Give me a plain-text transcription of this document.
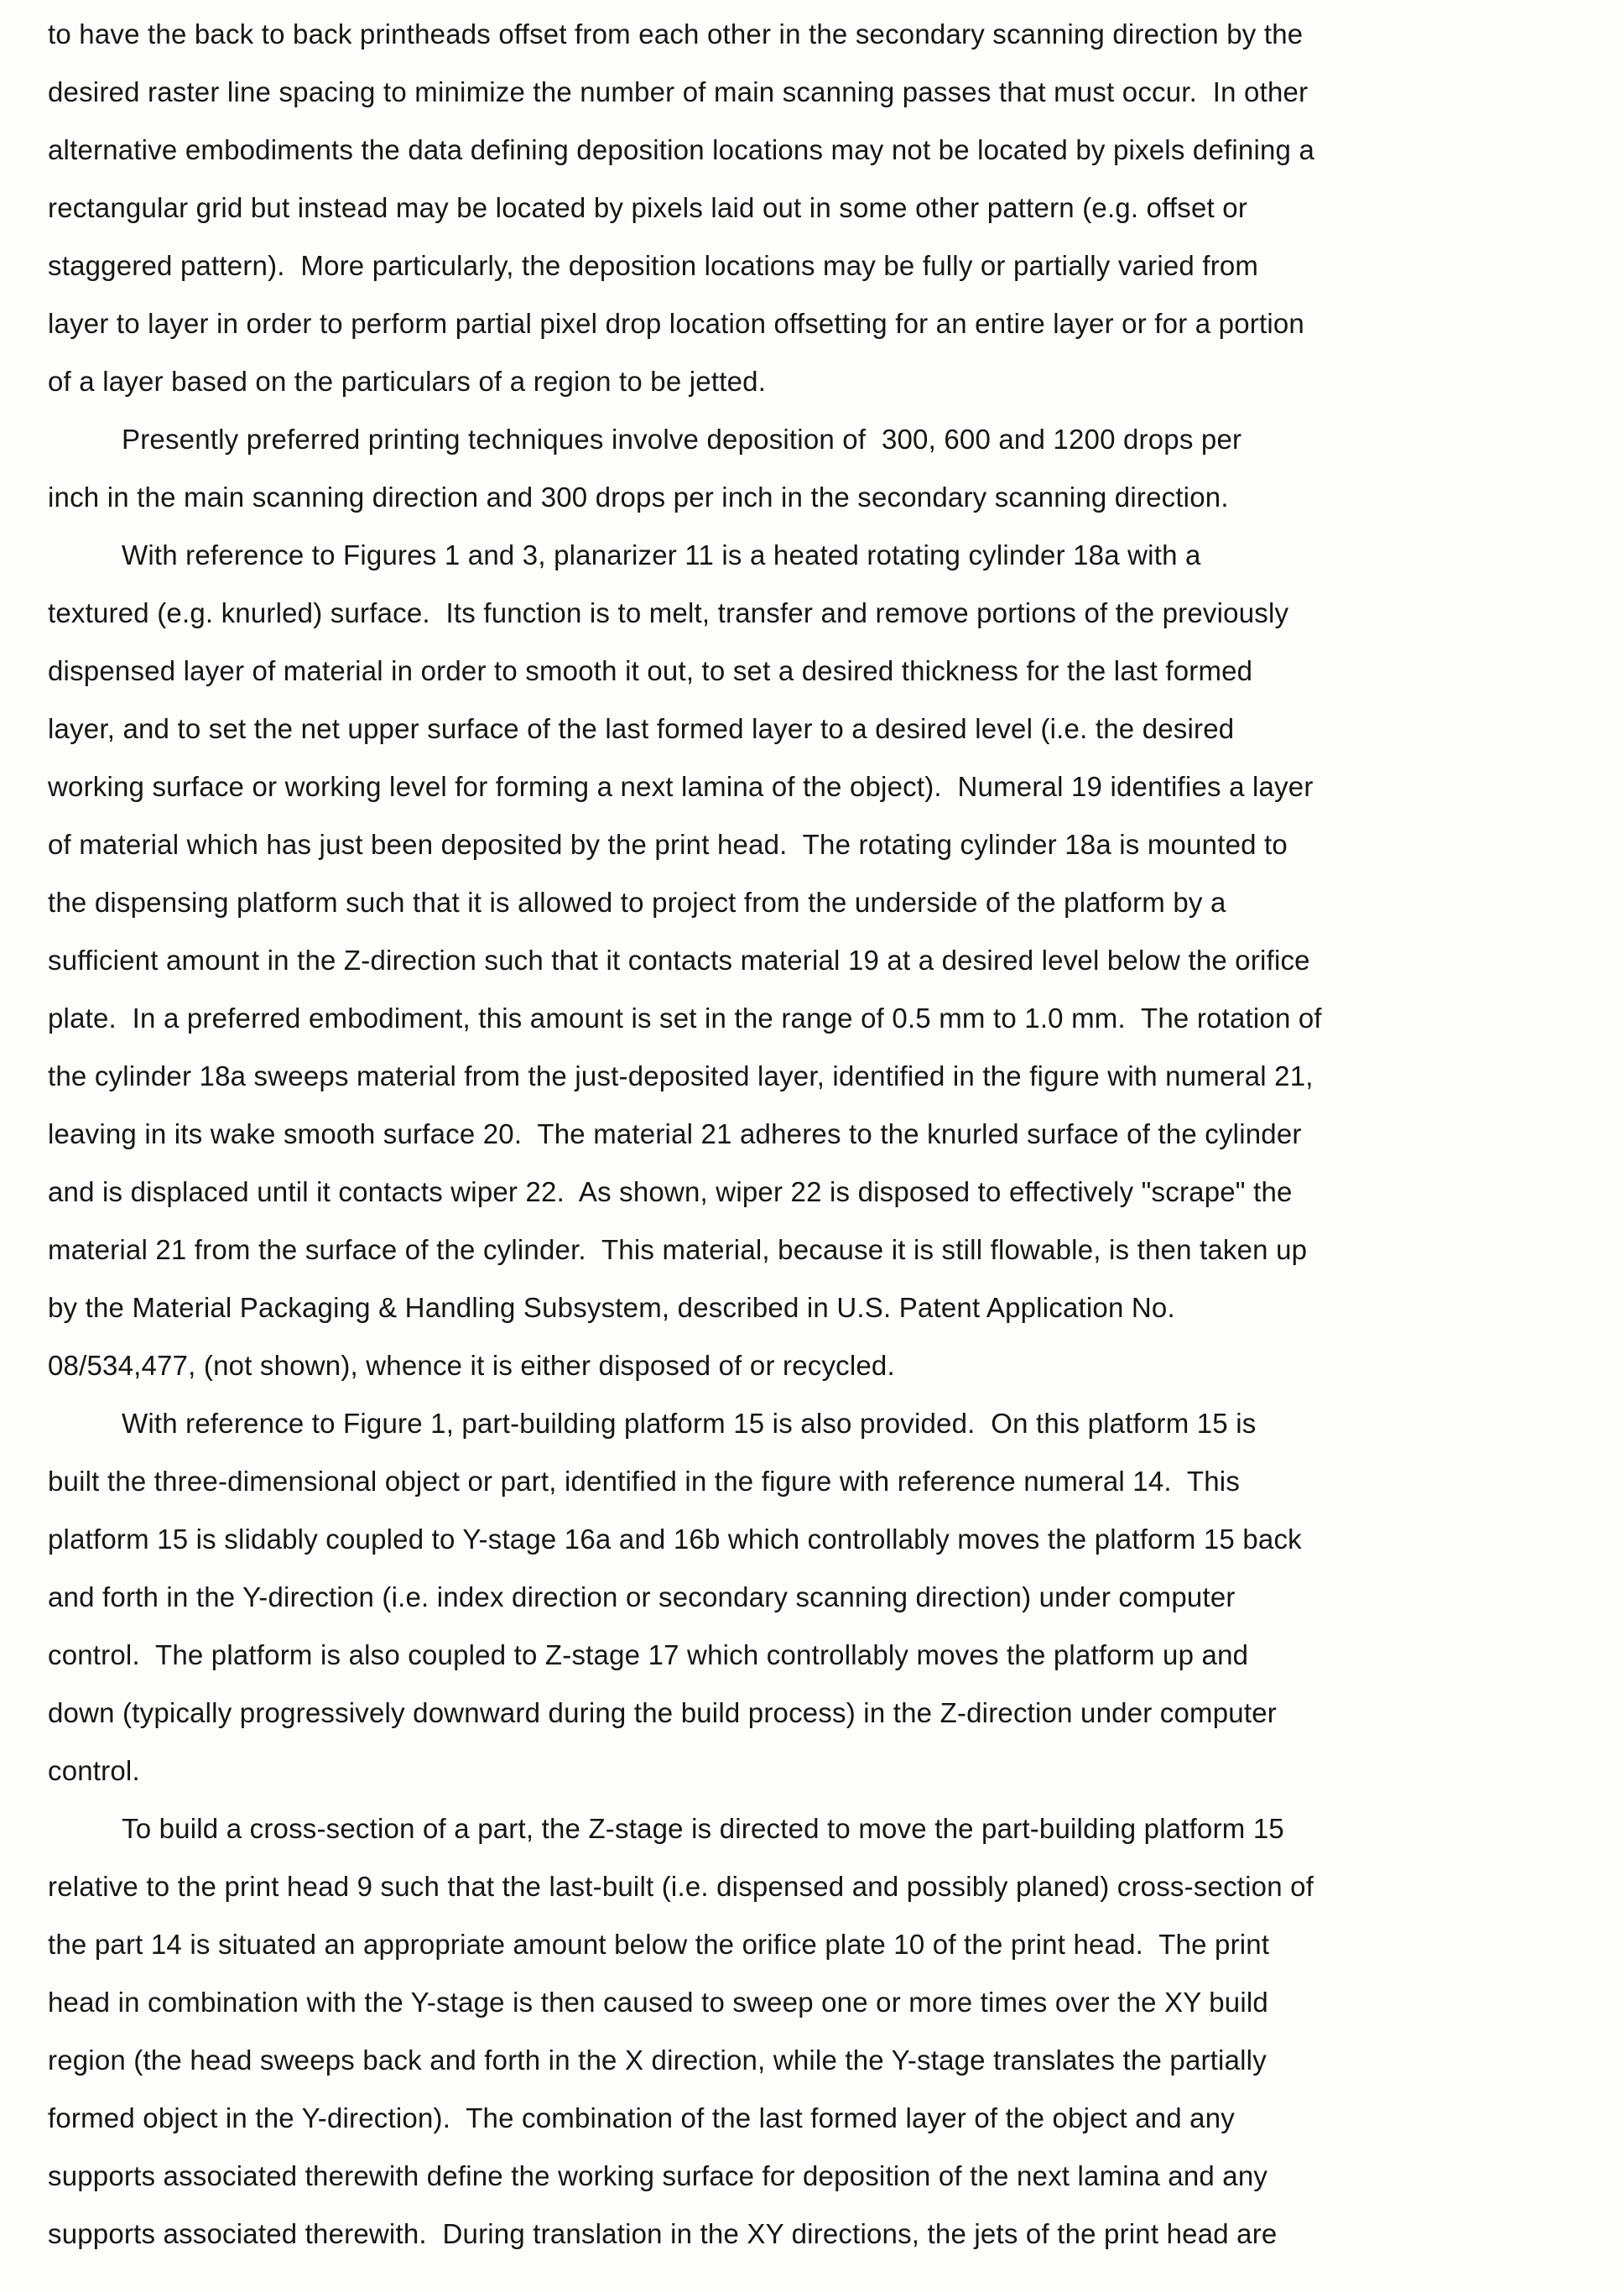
to have the back to back printheads offset from each other in the secondary scanning direction by the
desired raster line spacing to minimize the number of main scanning passes that must occur.  In other
alternative embodiments the data defining deposition locations may not be located by pixels defining a
rectangular grid but instead may be located by pixels laid out in some other pattern (e.g. offset or
staggered pattern).  More particularly, the deposition locations may be fully or partially varied from
layer to layer in order to perform partial pixel drop location offsetting for an entire layer or for a portion
of a layer based on the particulars of a region to be jetted.

Presently preferred printing techniques involve deposition of  300, 600 and 1200 drops per
inch in the main scanning direction and 300 drops per inch in the secondary scanning direction.

With reference to Figures 1 and 3, planarizer 11 is a heated rotating cylinder 18a with a
textured (e.g. knurled) surface.  Its function is to melt, transfer and remove portions of the previously
dispensed layer of material in order to smooth it out, to set a desired thickness for the last formed
layer, and to set the net upper surface of the last formed layer to a desired level (i.e. the desired
working surface or working level for forming a next lamina of the object).  Numeral 19 identifies a layer
of material which has just been deposited by the print head.  The rotating cylinder 18a is mounted to
the dispensing platform such that it is allowed to project from the underside of the platform by a
sufficient amount in the Z-direction such that it contacts material 19 at a desired level below the orifice
plate.  In a preferred embodiment, this amount is set in the range of 0.5 mm to 1.0 mm.  The rotation of
the cylinder 18a sweeps material from the just-deposited layer, identified in the figure with numeral 21,
leaving in its wake smooth surface 20.  The material 21 adheres to the knurled surface of the cylinder
and is displaced until it contacts wiper 22.  As shown, wiper 22 is disposed to effectively "scrape" the
material 21 from the surface of the cylinder.  This material, because it is still flowable, is then taken up
by the Material Packaging & Handling Subsystem, described in U.S. Patent Application No.
08/534,477, (not shown), whence it is either disposed of or recycled.

With reference to Figure 1, part-building platform 15 is also provided.  On this platform 15 is
built the three-dimensional object or part, identified in the figure with reference numeral 14.  This
platform 15 is slidably coupled to Y-stage 16a and 16b which controllably moves the platform 15 back
and forth in the Y-direction (i.e. index direction or secondary scanning direction) under computer
control.  The platform is also coupled to Z-stage 17 which controllably moves the platform up and
down (typically progressively downward during the build process) in the Z-direction under computer
control.

To build a cross-section of a part, the Z-stage is directed to move the part-building platform 15
relative to the print head 9 such that the last-built (i.e. dispensed and possibly planed) cross-section of
the part 14 is situated an appropriate amount below the orifice plate 10 of the print head.  The print
head in combination with the Y-stage is then caused to sweep one or more times over the XY build
region (the head sweeps back and forth in the X direction, while the Y-stage translates the partially
formed object in the Y-direction).  The combination of the last formed layer of the object and any
supports associated therewith define the working surface for deposition of the next lamina and any
supports associated therewith.  During translation in the XY directions, the jets of the print head are
